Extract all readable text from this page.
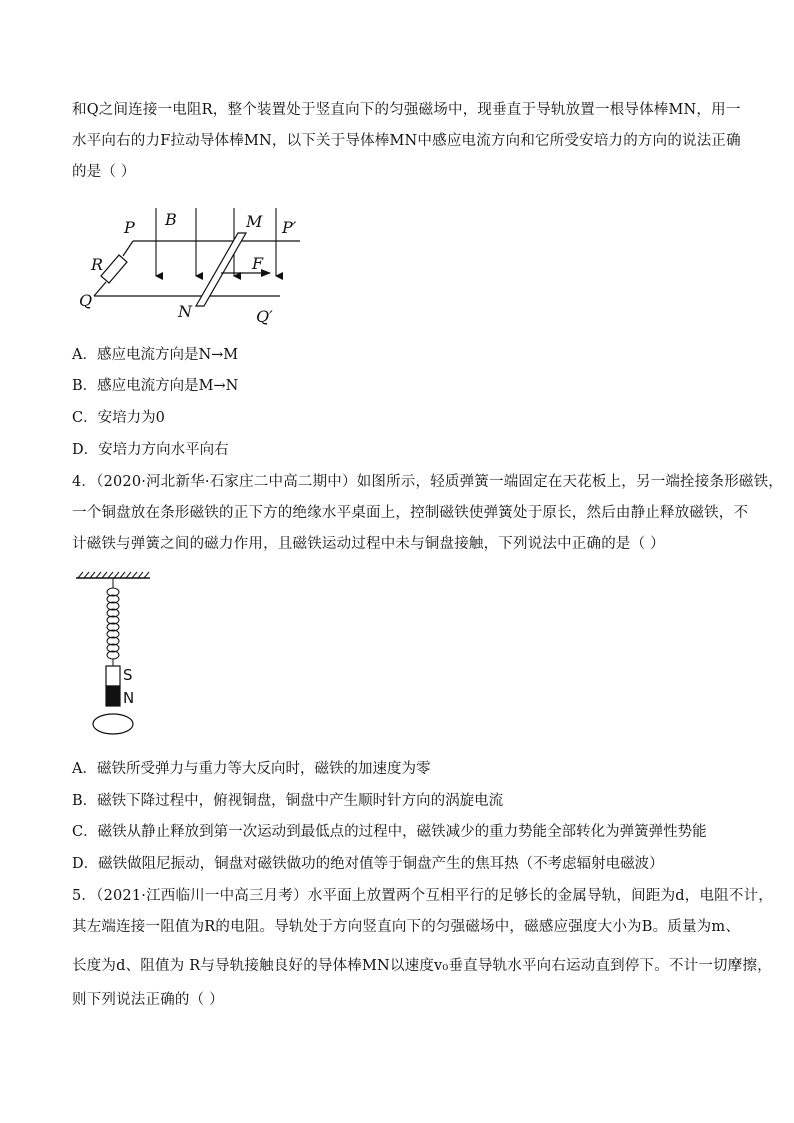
和Q之间连接一电阻R，整个装置处于竖直向下的匀强磁场中，现垂直于导轨放置一根导体棒MN，用一
水平向右的力F拉动导体棒MN，以下关于导体棒MN中感应电流方向和它所受安培力的方向的说法正确
的是（ ）
P B	M P′
R	F
Q
N	Q′
A．感应电流方向是N→M
B．感应电流方向是M→N
C．安培力为0
D．安培力方向水平向右
4．（2020·河北新华·石家庄二中高二期中）如图所示，轻质弹簧一端固定在天花板上，另一端拴接条形磁铁，
一个铜盘放在条形磁铁的正下方的绝缘水平桌面上，控制磁铁使弹簧处于原长，然后由静止释放磁铁，不
计磁铁与弹簧之间的磁力作用，且磁铁运动过程中未与铜盘接触，下列说法中正确的是（ ）
S
N
A．磁铁所受弹力与重力等大反向时，磁铁的加速度为零
B．磁铁下降过程中，俯视铜盘，铜盘中产生顺时针方向的涡旋电流
C．磁铁从静止释放到第一次运动到最低点的过程中，磁铁减少的重力势能全部转化为弹簧弹性势能
D．磁铁做阻尼振动，铜盘对磁铁做功的绝对值等于铜盘产生的焦耳热（不考虑辐射电磁波）
5．（2021·江西临川一中高三月考）水平面上放置两个互相平行的足够长的金属导轨，间距为d，电阻不计，
其左端连接一阻值为R的电阻。导轨处于方向竖直向下的匀强磁场中，磁感应强度大小为B。质量为m、
长度为d、阻值为 R与导轨接触良好的导体棒MN以速度v₀垂直导轨水平向右运动直到停下。不计一切摩擦，
则下列说法正确的（ ）
